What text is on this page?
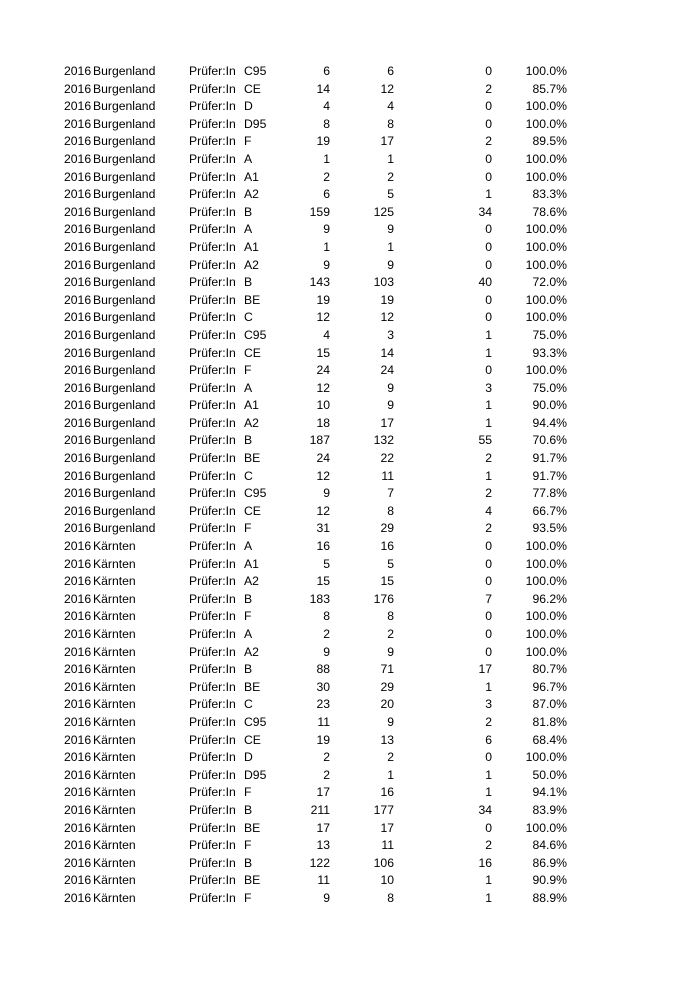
2016 Burgenland	Prüfer:In C95	6	6	0	100.0%
2016 Burgenland	Prüfer:In CE	14	12	2	85.7%
2016 Burgenland	Prüfer:In D	4	4	0	100.0%
2016 Burgenland	Prüfer:In D95	8	8	0	100.0%
2016 Burgenland	Prüfer:In F	19	17	2	89.5%
2016 Burgenland	Prüfer:In A	1	1	0	100.0%
2016 Burgenland	Prüfer:In A1	2	2	0	100.0%
2016 Burgenland	Prüfer:In A2	6	5	1	83.3%
2016 Burgenland	Prüfer:In B	159	125	34	78.6%
2016 Burgenland	Prüfer:In A	9	9	0	100.0%
2016 Burgenland	Prüfer:In A1	1	1	0	100.0%
2016 Burgenland	Prüfer:In A2	9	9	0	100.0%
2016 Burgenland	Prüfer:In B	143	103	40	72.0%
2016 Burgenland	Prüfer:In BE	19	19	0	100.0%
2016 Burgenland	Prüfer:In C	12	12	0	100.0%
2016 Burgenland	Prüfer:In C95	4	3	1	75.0%
2016 Burgenland	Prüfer:In CE	15	14	1	93.3%
2016 Burgenland	Prüfer:In F	24	24	0	100.0%
2016 Burgenland	Prüfer:In A	12	9	3	75.0%
2016 Burgenland	Prüfer:In A1	10	9	1	90.0%
2016 Burgenland	Prüfer:In A2	18	17	1	94.4%
2016 Burgenland	Prüfer:In B	187	132	55	70.6%
2016 Burgenland	Prüfer:In BE	24	22	2	91.7%
2016 Burgenland	Prüfer:In C	12	11	1	91.7%
2016 Burgenland	Prüfer:In C95	9	7	2	77.8%
2016 Burgenland	Prüfer:In CE	12	8	4	66.7%
2016 Burgenland	Prüfer:In F	31	29	2	93.5%
2016 Kärnten	Prüfer:In A	16	16	0	100.0%
2016 Kärnten	Prüfer:In A1	5	5	0	100.0%
2016 Kärnten	Prüfer:In A2	15	15	0	100.0%
2016 Kärnten	Prüfer:In B	183	176	7	96.2%
2016 Kärnten	Prüfer:In F	8	8	0	100.0%
2016 Kärnten	Prüfer:In A	2	2	0	100.0%
2016 Kärnten	Prüfer:In A2	9	9	0	100.0%
2016 Kärnten	Prüfer:In B	88	71	17	80.7%
2016 Kärnten	Prüfer:In BE	30	29	1	96.7%
2016 Kärnten	Prüfer:In C	23	20	3	87.0%
2016 Kärnten	Prüfer:In C95	11	9	2	81.8%
2016 Kärnten	Prüfer:In CE	19	13	6	68.4%
2016 Kärnten	Prüfer:In D	2	2	0	100.0%
2016 Kärnten	Prüfer:In D95	2	1	1	50.0%
2016 Kärnten	Prüfer:In F	17	16	1	94.1%
2016 Kärnten	Prüfer:In B	211	177	34	83.9%
2016 Kärnten	Prüfer:In BE	17	17	0	100.0%
2016 Kärnten	Prüfer:In F	13	11	2	84.6%
2016 Kärnten	Prüfer:In B	122	106	16	86.9%
2016 Kärnten	Prüfer:In BE	11	10	1	90.9%
2016 Kärnten	Prüfer:In F	9	8	1	88.9%
